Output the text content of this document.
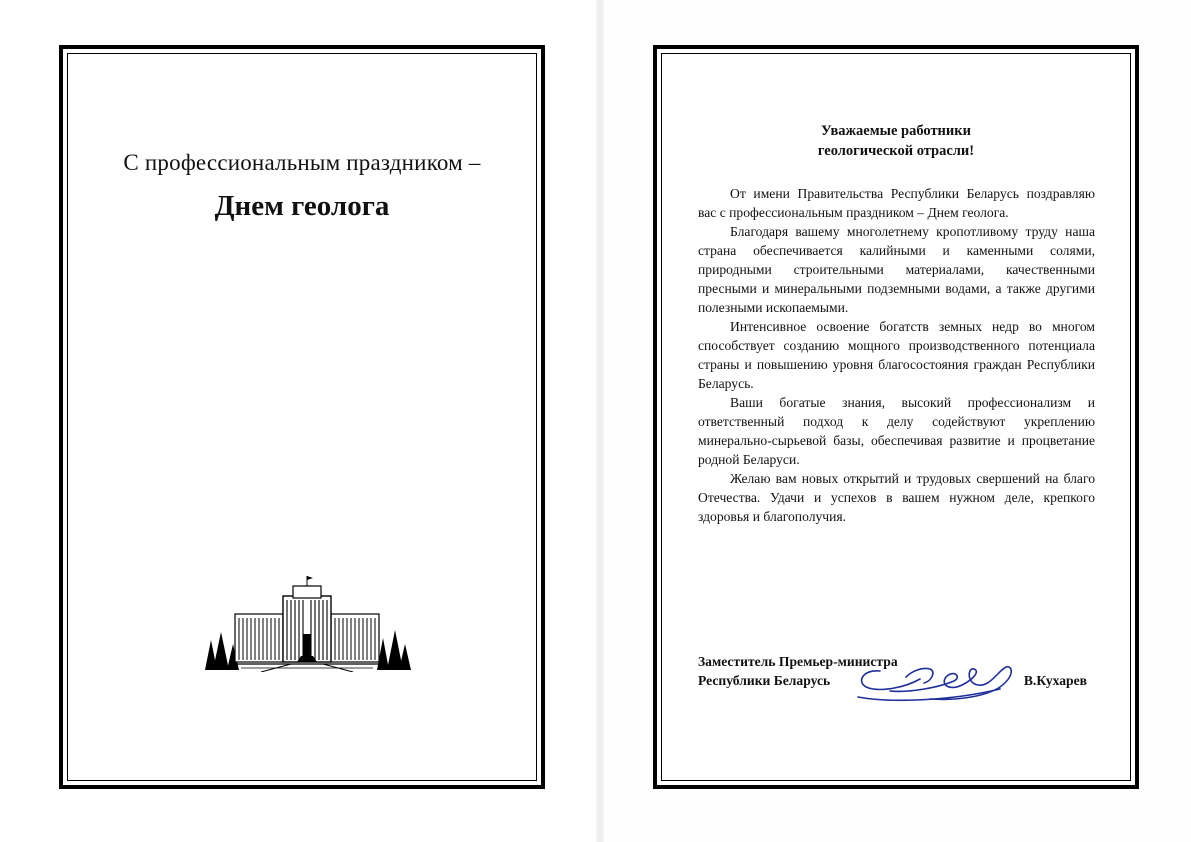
С профессиональным праздником –
Днем геолога
Уважаемые работники
геологической отрасли!

От имени Правительства Республики Беларусь поздравляю вас с профессиональным праздником – Днем геолога.

Благодаря вашему многолетнему кропотливому труду наша страна обеспечивается калийными и каменными солями, природными строительными материалами, качественными пресными и минеральными подземными водами, а также другими полезными ископаемыми.

Интенсивное освоение богатств земных недр во многом способствует созданию мощного производственного потенциала страны и повышению уровня благосостояния граждан Республики Беларусь.

Ваши богатые знания, высокий профессионализм и ответственный подход к делу содействуют укреплению минерально-сырьевой базы, обеспечивая развитие и процветание родной Беларуси.

Желаю вам новых открытий и трудовых свершений на благо Отечества. Удачи и успехов в вашем нужном деле, крепкого здоровья и благополучия.

Заместитель Премьер-министра
Республики Беларусь	В.Кухарев
